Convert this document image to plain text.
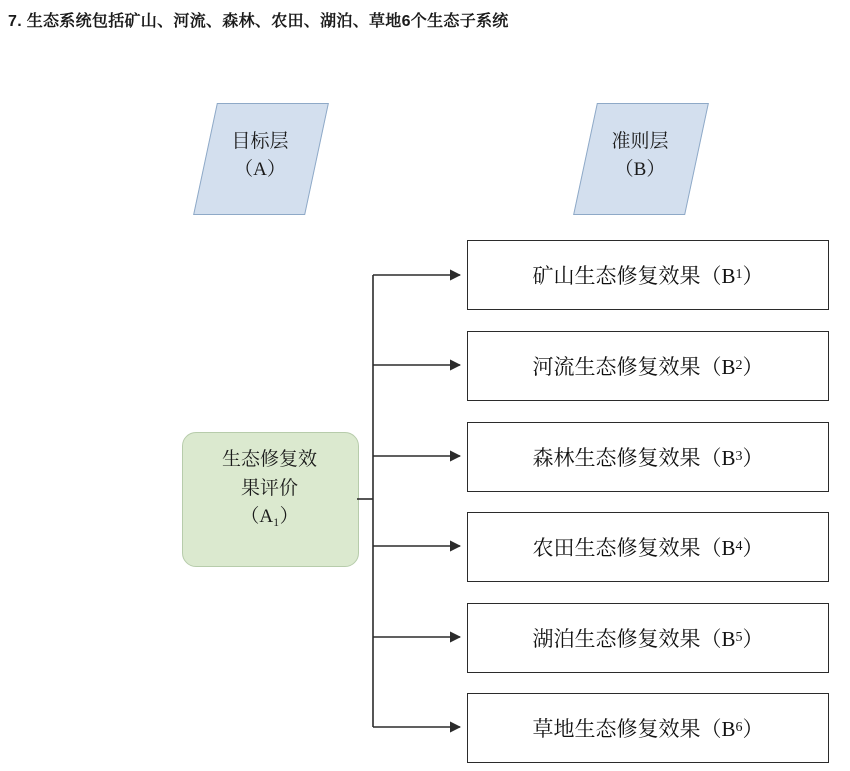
7. 生态系统包括矿山、河流、森林、农田、湖泊、草地6个生态子系统
目标层
（A）
准则层
（B）
生态修复效
果评价
（A₁）
矿山生态修复效果（B 1 ）
河流生态修复效果（B 2 ）
森林生态修复效果（B 3 ）
农田生态修复效果（B 4 ）
湖泊生态修复效果（B 5 ）
草地生态修复效果（B 6 ）
